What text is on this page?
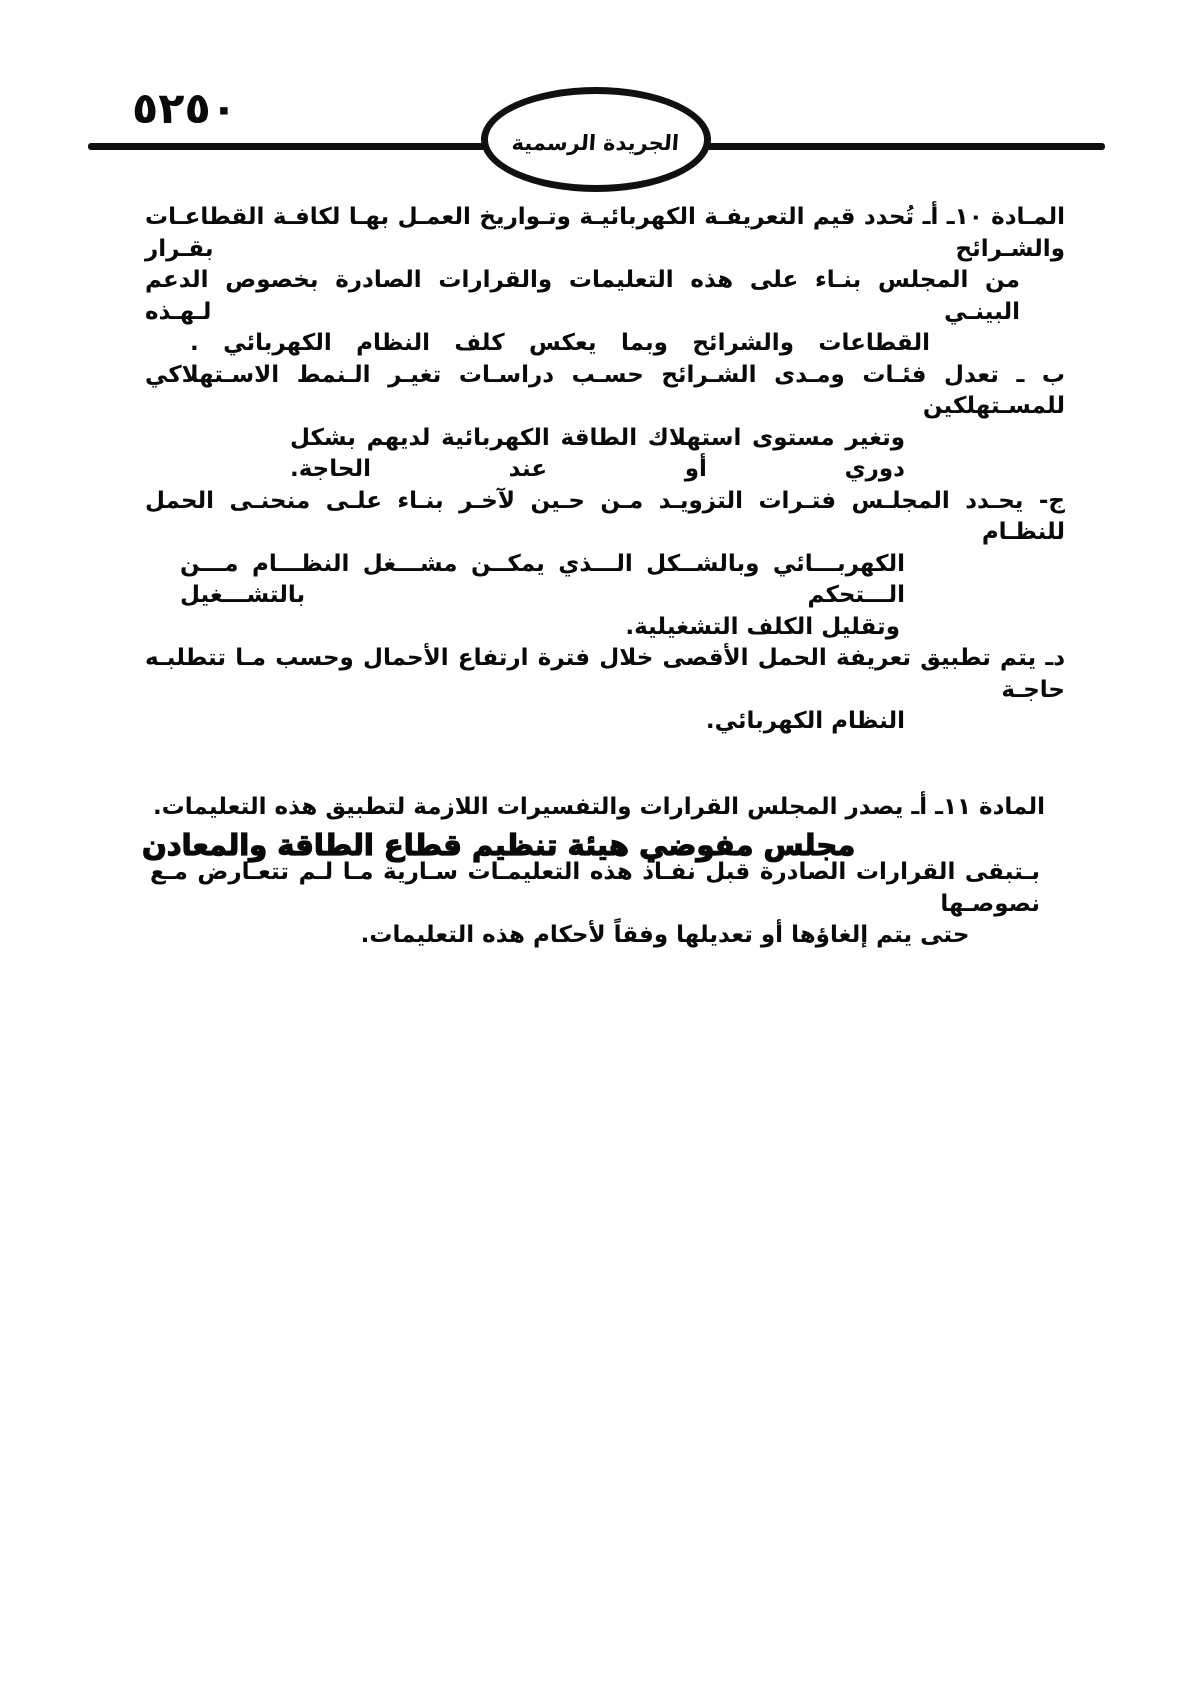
٥٢٥٠
الجريدة الرسمية
المـادة ١٠ـ أـ تُحدد قيم التعريفـة الكهربائيـة وتـواريخ العمـل بهـا لكافـة القطاعـات والشـرائح بقـرار
من المجلس بنـاء على هذه التعليمات والقرارات الصادرة بخصوص الدعم البينـي لـهـذه
القطاعات والشرائح وبما يعكس كلف النظام الكهربائي .
ب ـ تعدل فئـات ومـدى الشـرائح حسـب دراسـات تغيـر الـنمط الاسـتهلاكي للمسـتهلكين
وتغير مستوى استهلاك الطاقة الكهربائية لديهم بشكل دوري أو عند الحاجة.
ج- يحـدد المجلـس فتـرات التزويـد مـن حـين لآخـر بنـاء علـى منحنـى الحمل للنظـام
الكهربـــائي وبالشــكل الـــذي يمكــن مشـــغل النظـــام مـــن الـــتحكم بالتشـــغيل
وتقليل الكلف التشغيلية.
دـ يتم تطبيق تعريفة الحمل الأقصى خلال فترة ارتفاع الأحمال وحسب مـا تتطلبـه حاجـة
النظام الكهربائي.
المادة ١١ـ أـ يصدر المجلس القرارات والتفسيرات اللازمة لتطبيق هذه التعليمات.
بـتبقى القرارات الصادرة قبل نفـاذ هذه التعليمـات سـارية مـا لـم تتعـارض مـع نصوصـها
حتى يتم إلغاؤها أو تعديلها وفقاً لأحكام هذه التعليمات.
مجلس مفوضي هيئة تنظيم قطاع الطاقة والمعادن
